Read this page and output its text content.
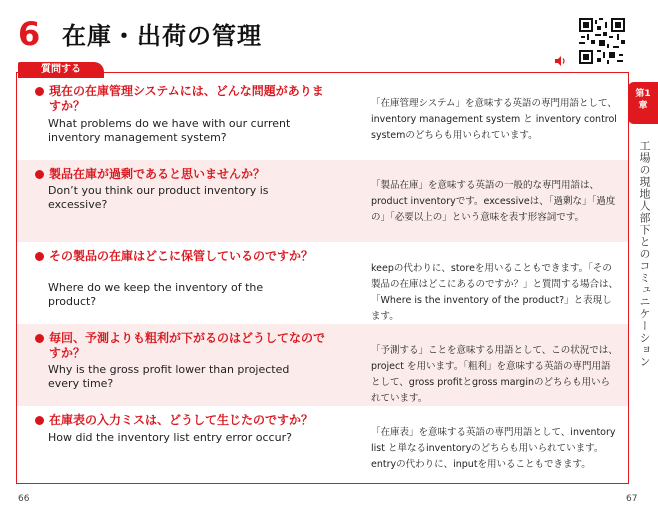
6 在庫・出荷の管理
質問する
第1
章
工場の現地人部下とのコミュニケーション
現在の在庫管理システムには、どんな問題がありますか？
What problems do we have with our current inventory management system?
「在庫管理システム」を意味する英語の専門用語として、inventory management system と inventory control systemのどちらも用いられています。
製品在庫が過剰であると思いませんか？
Don’t you think our product inventory is excessive?
「製品在庫」を意味する英語の一般的な専門用語は、product inventoryです。excessiveは、「過剰な」「過度の」「必要以上の」という意味を表す形容詞です。
その製品の在庫はどこに保管しているのですか？
Where do we keep the inventory of the product?
keepの代わりに、storeを用いることもできます。「その製品の在庫はどこにあるのですか？」と質問する場合は、「Where is the inventory of the product?」と表現します。
毎回、予測よりも粗利が下がるのはどうしてなのですか？
Why is the gross profit lower than projected every time?
「予測する」ことを意味する用語として、この状況では、project を用います。「粗利」を意味する英語の専門用語として、gross profitとgross marginのどちらも用いられています。
在庫表の入力ミスは、どうして生じたのですか？
How did the inventory list entry error occur?	「在庫表」を意味する英語の専門用語として、inventory list と単なるinventoryのどちらも用いられています。entryの代わりに、inputを用いることもできます。
66	67
